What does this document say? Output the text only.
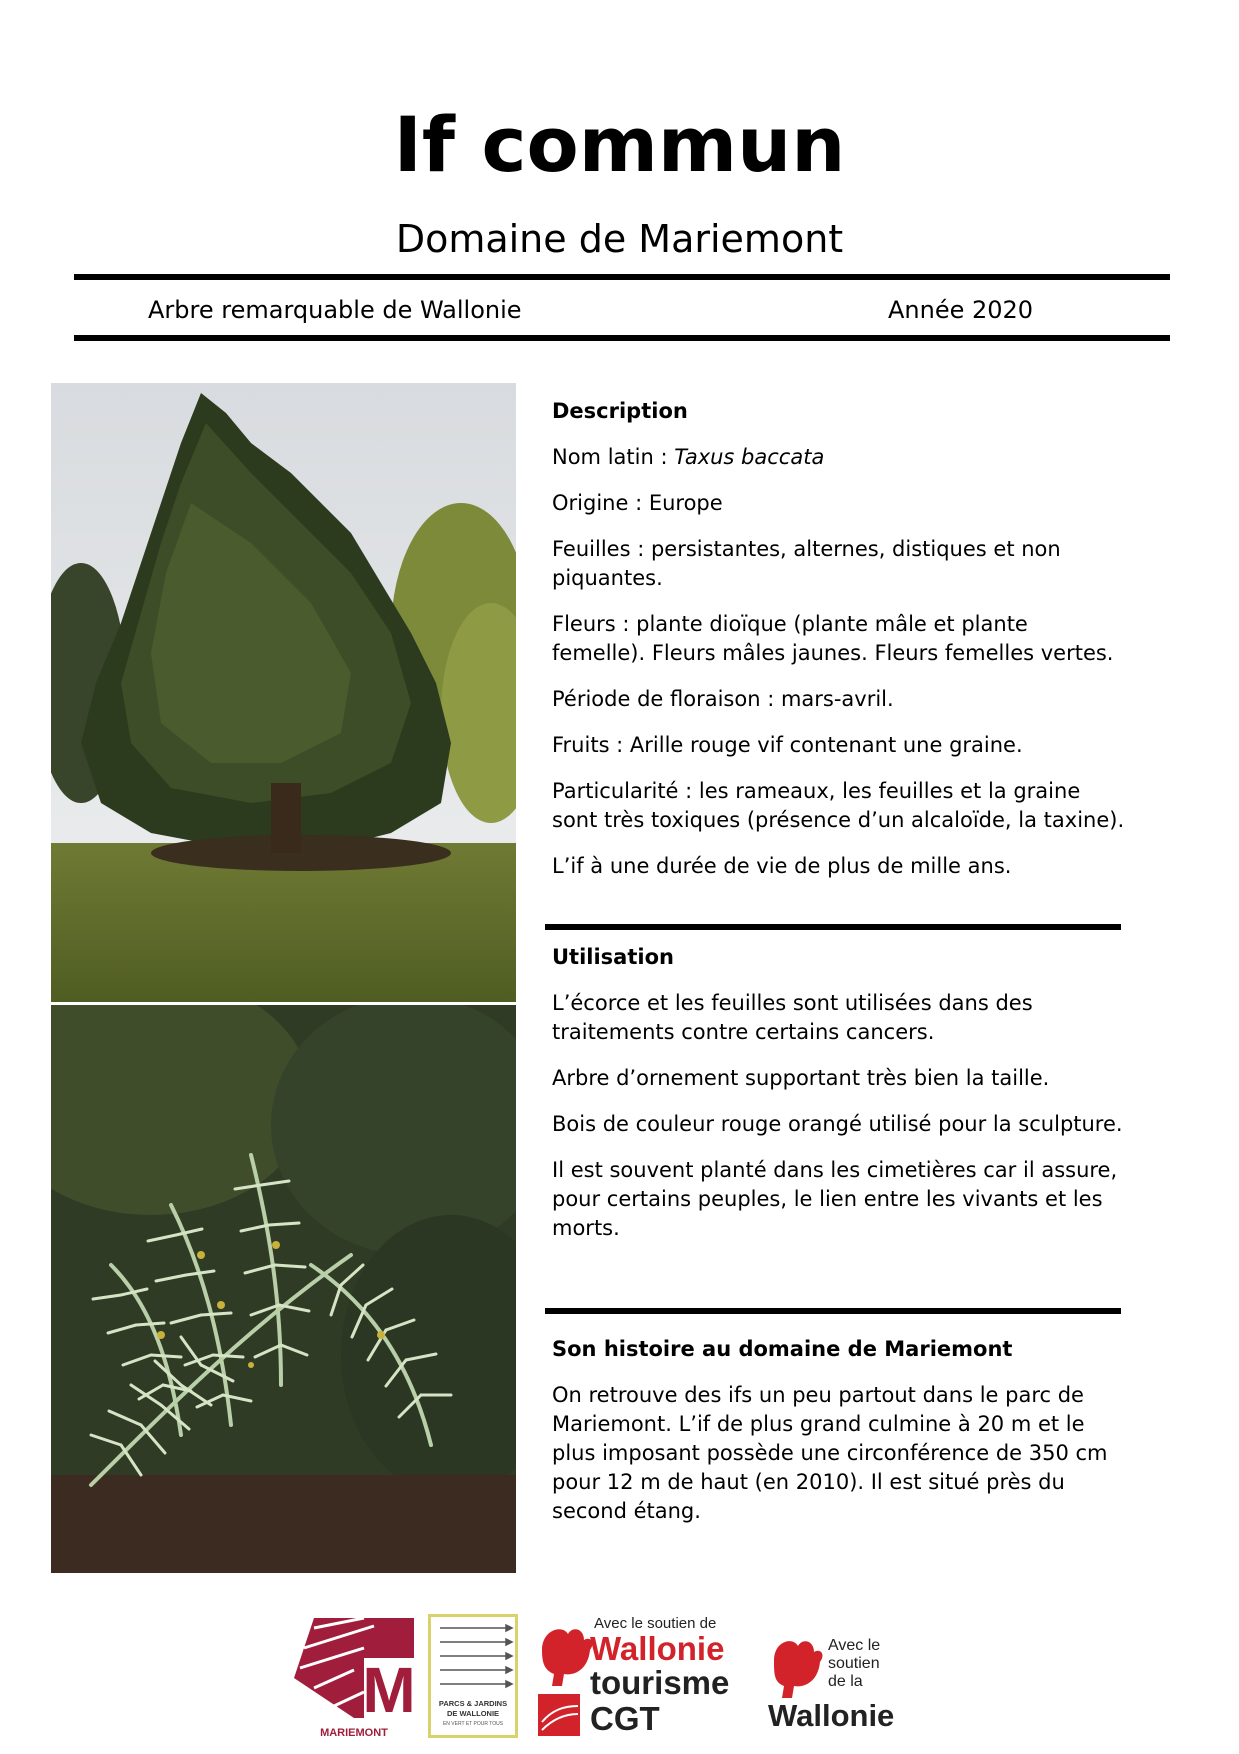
If commun
Domaine de Mariemont
Arbre remarquable de Wallonie	Année 2020

Description

Nom latin : Taxus baccata

Origine : Europe

Feuilles : persistantes, alternes, distiques et non piquantes.

Fleurs : plante dioïque (plante mâle et plante femelle). Fleurs mâles jaunes. Fleurs femelles vertes.

Période de floraison : mars-avril.

Fruits : Arille rouge vif contenant une graine.

Particularité : les rameaux, les feuilles et la graine sont très toxiques (présence d’un alcaloïde, la taxine).

L’if à une durée de vie de plus de mille ans.

Utilisation

L’écorce et les feuilles sont utilisées dans des traitements contre certains cancers.

Arbre d’ornement supportant très bien la taille.

Bois de couleur rouge orangé utilisé pour la sculpture.

Il est souvent planté dans les cimetières car il assure, pour certains peuples, le lien entre les vivants et les morts.

Son histoire au domaine de Mariemont

On retrouve des ifs un peu partout dans le parc de Mariemont. L’if de plus grand culmine à 20 m et le plus imposant possède une circonférence de 350 cm pour 12 m de haut (en 2010). Il est situé près du second étang.

M
MARIEMONT
PARCS & JARDINS
DE WALLONIE
EN VERT ET POUR TOUS
Avec le soutien de
Wallonie
tourisme
CGT
Avec le
soutien
de la
Wallonie
